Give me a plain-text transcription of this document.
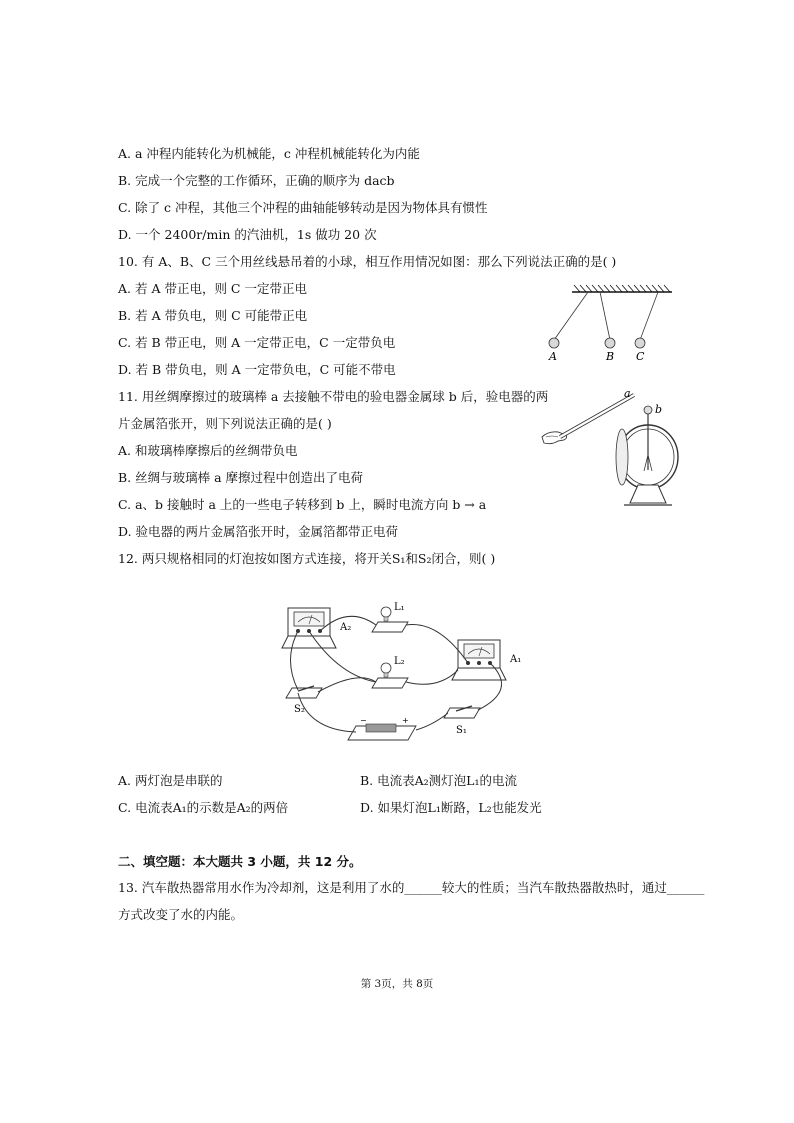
A. a 冲程内能转化为机械能，c 冲程机械能转化为内能
B. 完成一个完整的工作循环，正确的顺序为 dacb
C. 除了 c 冲程，其他三个冲程的曲轴能够转动是因为物体具有惯性
D. 一个 2400r/min 的汽油机，1s 做功 20 次
10. 有 A、B、C 三个用丝线悬吊着的小球，相互作用情况如图：那么下列说法正确的是( )
A. 若 A 带正电，则 C 一定带正电
B. 若 A 带负电，则 C 可能带正电
C. 若 B 带正电，则 A 一定带正电，C 一定带负电
D. 若 B 带负电，则 A 一定带负电，C 可能不带电
A	B C
11. 用丝绸摩擦过的玻璃棒 a 去接触不带电的验电器金属球 b 后，验电器的两
片金属箔张开，则下列说法正确的是( )
A. 和玻璃棒摩擦后的丝绸带负电
B. 丝绸与玻璃棒 a 摩擦过程中创造出了电荷
C. a、b 接触时 a 上的一些电子转移到 b 上，瞬时电流方向 b → a
D. 验电器的两片金属箔张开时，金属箔都带正电荷
a
b
12. 两只规格相同的灯泡按如图方式连接，将开关S₁和S₂闭合，则( )
A₂
L₁
L₂	A₁
S₂
S₁
−	+
A. 两灯泡是串联的	B. 电流表A₂测灯泡L₁的电流
C. 电流表A₁的示数是A₂的两倍	D. 如果灯泡L₁断路，L₂也能发光
二、填空题：本大题共 3 小题，共 12 分。
13. 汽车散热器常用水作为冷却剂，这是利用了水的______较大的性质；当汽车散热器散热时，通过______
方式改变了水的内能。
第 3页，共 8页
